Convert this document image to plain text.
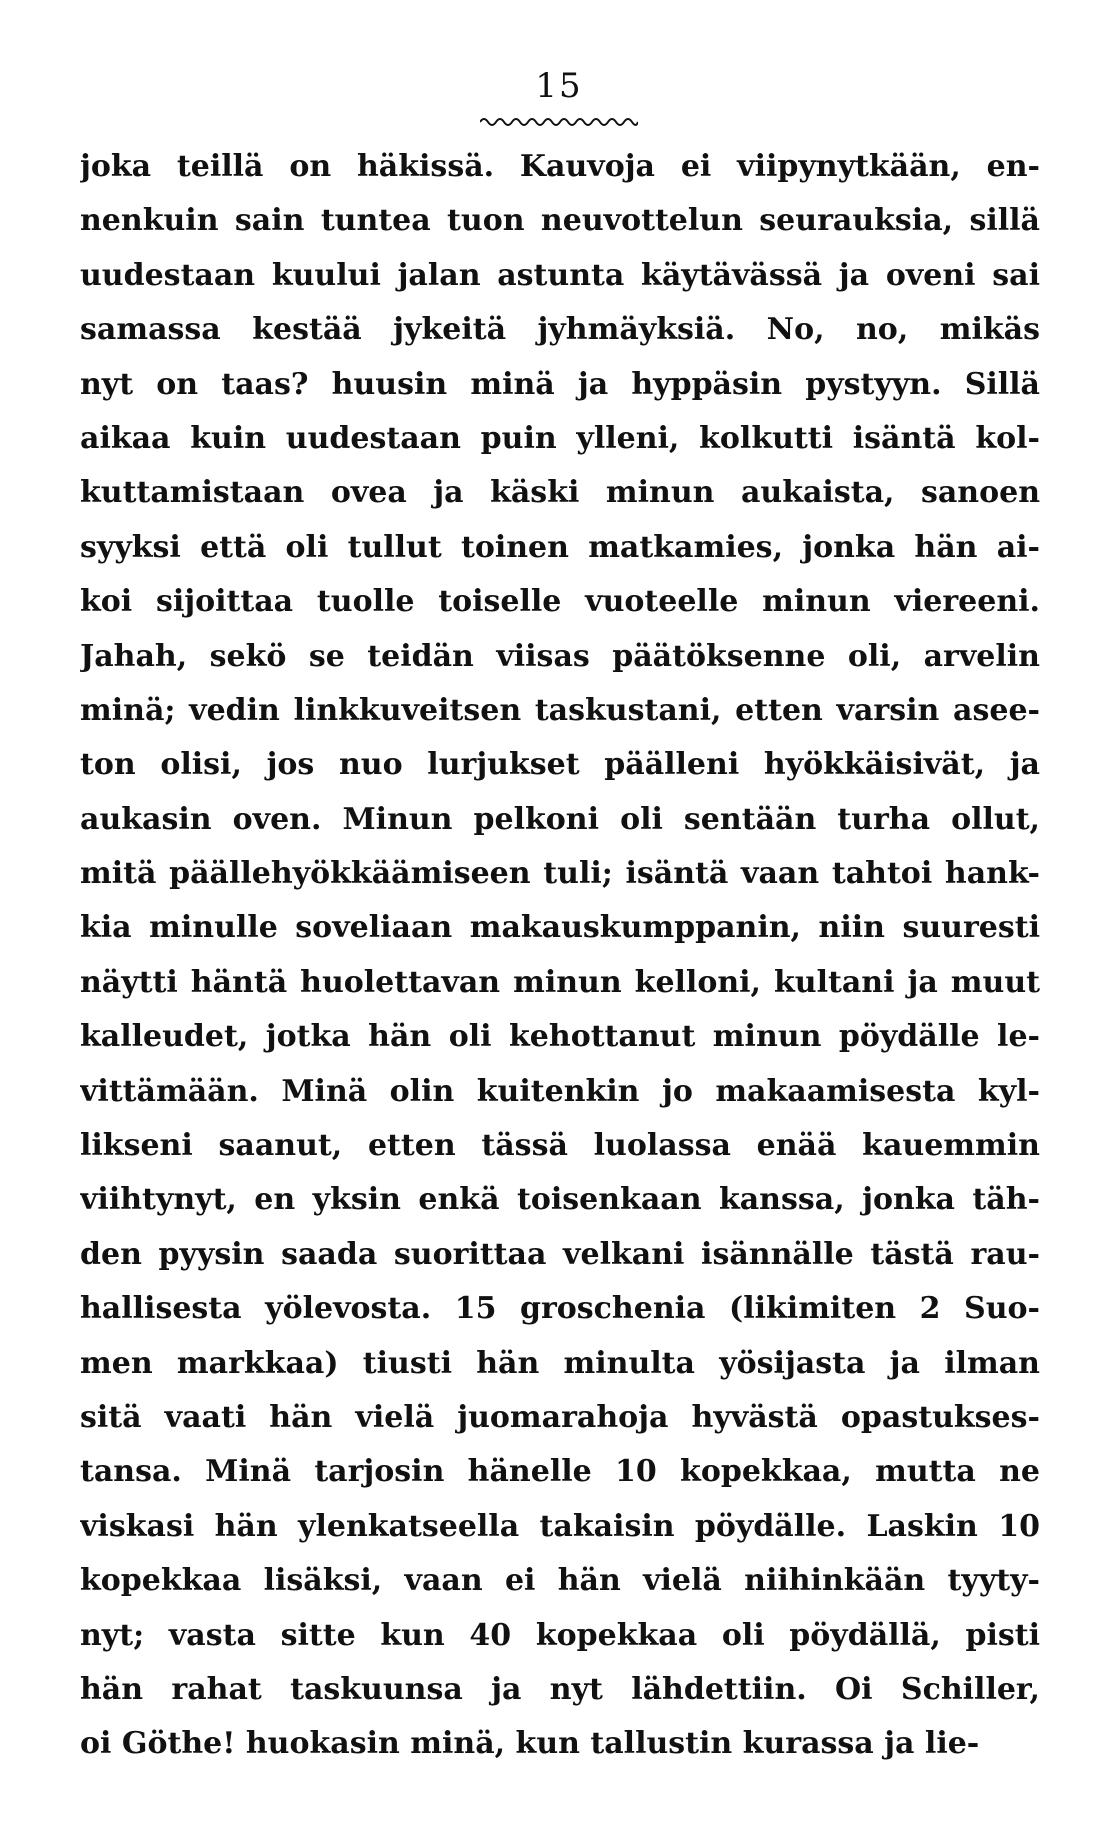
15
joka teillä on häkissä. Kauvoja ei viipynytkään, en-
nenkuin sain tuntea tuon neuvottelun seurauksia, sillä
uudestaan kuului jalan astunta käytävässä ja oveni sai
samassa kestää jykeitä jyhmäyksiä. No, no, mikäs
nyt on taas? huusin minä ja hyppäsin pystyyn. Sillä
aikaa kuin uudestaan puin ylleni, kolkutti isäntä kol-
kuttamistaan ovea ja käski minun aukaista, sanoen
syyksi että oli tullut toinen matkamies, jonka hän ai-
koi sijoittaa tuolle toiselle vuoteelle minun viereeni.
Jahah, sekö se teidän viisas päätöksenne oli, arvelin
minä; vedin linkkuveitsen taskustani, etten varsin asee-
ton olisi, jos nuo lurjukset päälleni hyökkäisivät, ja
aukasin oven. Minun pelkoni oli sentään turha ollut,
mitä päällehyökkäämiseen tuli; isäntä vaan tahtoi hank-
kia minulle soveliaan makauskumppanin, niin suuresti
näytti häntä huolettavan minun kelloni, kultani ja muut
kalleudet, jotka hän oli kehottanut minun pöydälle le-
vittämään. Minä olin kuitenkin jo makaamisesta kyl-
likseni saanut, etten tässä luolassa enää kauemmin
viihtynyt, en yksin enkä toisenkaan kanssa, jonka täh-
den pyysin saada suorittaa velkani isännälle tästä rau-
hallisesta yölevosta. 15 groschenia (likimiten 2 Suo-
men markkaa) tiusti hän minulta yösijasta ja ilman
sitä vaati hän vielä juomarahoja hyvästä opastukses-
tansa. Minä tarjosin hänelle 10 kopekkaa, mutta ne
viskasi hän ylenkatseella takaisin pöydälle. Laskin 10
kopekkaa lisäksi, vaan ei hän vielä niihinkään tyyty-
nyt; vasta sitte kun 40 kopekkaa oli pöydällä, pisti
hän rahat taskuunsa ja nyt lähdettiin. Oi Schiller,
oi Göthe! huokasin minä, kun tallustin kurassa ja lie-
